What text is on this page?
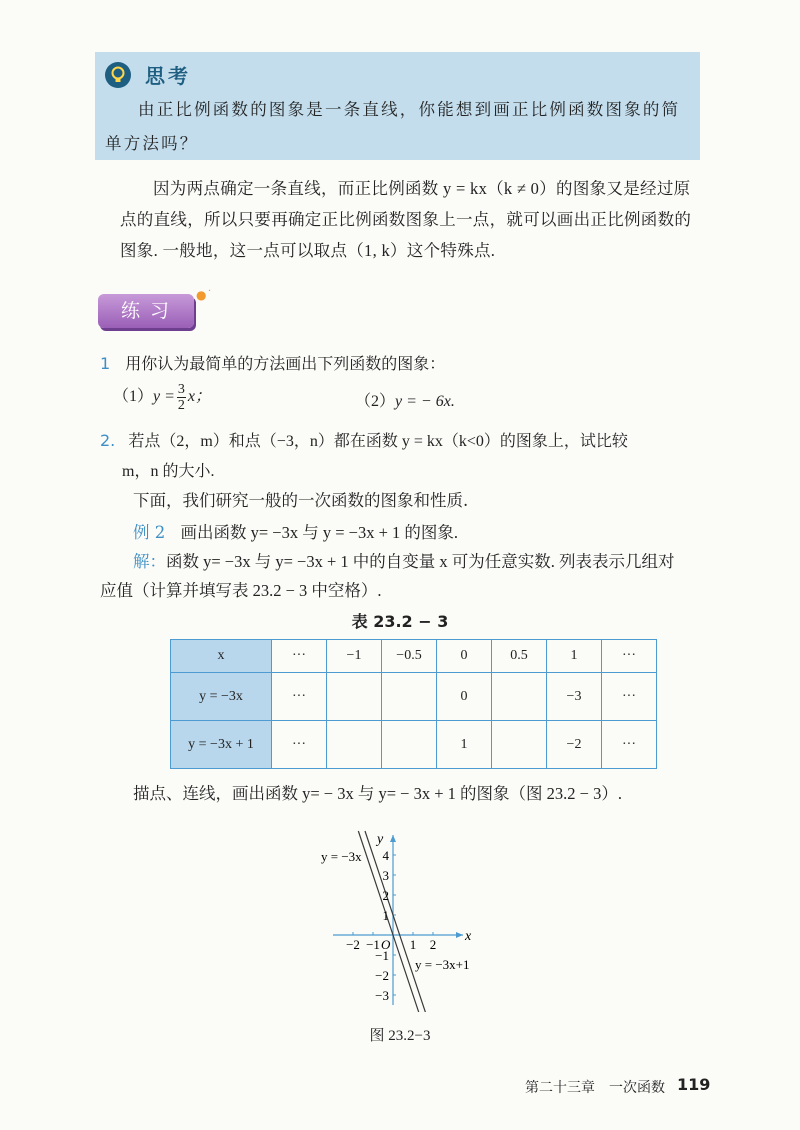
思考
由正比例函数的图象是一条直线，你能想到画正比例函数图象的简单方法吗？
因为两点确定一条直线，而正比例函数 y = kx（k ≠ 0）的图象又是经过原点的直线，所以只要再确定正比例函数图象上一点，就可以画出正比例函数的图象. 一般地，这一点可以取点（1, k）这个特殊点.
练习
●˙
1 用你认为最简单的方法画出下列函数的图象：
$(1)y = \frac{3}{2}$ x；	（2）y = − 6x.
2. 若点（2，m）和点（−3，n）都在函数 y = kx（k<0）的图象上，试比较
m，n 的大小.
下面，我们研究一般的一次函数的图象和性质.
例 2 画出函数 y= −3x 与 y = −3x + 1 的图象.
解：函数 y= −3x 与 y= −3x + 1 中的自变量 x 可为任意实数. 列表表示几组对
应值（计算并填写表 23.2 − 3 中空格）.
表 23.2 − 3
x	···	−1	−0.5	0	0.5	1	···
y = −3x	···			0		−3	···
y = −3x + 1	···			1		−2	···
描点、连线，画出函数 y= − 3x 与 y= − 3x + 1 的图象（图 23.2 − 3）.
−2 −1 1 2
4
3
2
1
−1
−2
−3
x
y
O
y = −3x
y = −3x+1
图 23.2−3
第二十三章　一次函数 119
